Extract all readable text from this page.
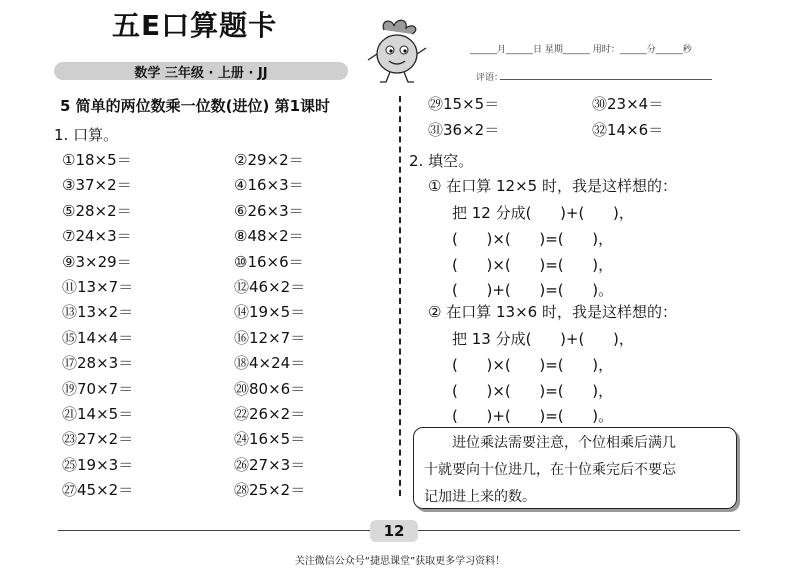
五E口算题卡
数学 三年级 · 上册 · JJ
______月______日 星期______ 用时：______分______秒
评语：
5 简单的两位数乘一位数(进位) 第1课时
1. 口算。
①18×5＝	②29×2＝
③37×2＝	④16×3＝
⑤28×2＝	⑥26×3＝
⑦24×3＝	⑧48×2＝
⑨3×29＝	⑩16×6＝
⑪13×7＝	⑫46×2＝
⑬13×2＝	⑭19×5＝
⑮14×4＝	⑯12×7＝
⑰28×3＝	⑱4×24＝
⑲70×7＝	⑳80×6＝
㉑14×5＝	㉒26×2＝
㉓27×2＝	㉔16×5＝
㉕19×3＝	㉖27×3＝
㉗45×2＝	㉘25×2＝
㉙15×5＝	㉚23×4＝
㉛36×2＝	㉜14×6＝
2. 填空。
① 在口算 12×5 时，我是这样想的：
把 12 分成(      )+(      )，
(      )×(      )=(      )，
(      )×(      )=(      )，
(      )+(      )=(      )。
② 在口算 13×6 时，我是这样想的：
把 13 分成(      )+(      )，
(      )×(      )=(      )，
(      )×(      )=(      )，
(      )+(      )=(      )。

进位乘法需要注意，个位相乘后满几

十就要向十位进几，在十位乘完后不要忘

记加进上来的数。

12
关注微信公众号“捷思课堂”获取更多学习资料！
